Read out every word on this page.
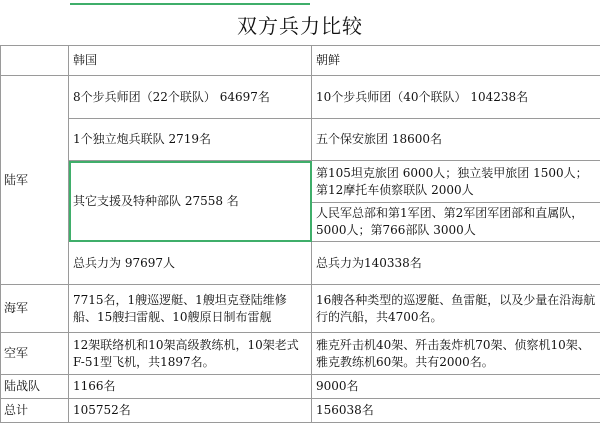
双方兵力比较
	韩国	朝鲜
陆军	8个步兵师团（22个联队） 64697名	10个步兵师团（40个联队） 104238名
	1个独立炮兵联队 2719名	五个保安旅团 18600名
	其它支援及特种部队 27558 名	第105坦克旅团 6000人；独立装甲旅团 1500人；第12摩托车侦察联队 2000人
		人民军总部和第1军团、第2军团军团部和直属队，5000人；第766部队 3000人
	总兵力为 97697人	总兵力为140338名
海军	7715名，1艘巡逻艇、1艘坦克登陆维修船、15艘扫雷舰、10艘原日制布雷舰	16艘各种类型的巡逻艇、鱼雷艇，以及少量在沿海航行的汽船，共4700名。
空军	12架联络机和10架高级教练机，10架老式F-51型飞机，共1897名。	雅克歼击机40架、歼击轰炸机70架、侦察机10架、雅克教练机60架。共有2000名。
陆战队	1166名	9000名
总计	105752名	156038名
